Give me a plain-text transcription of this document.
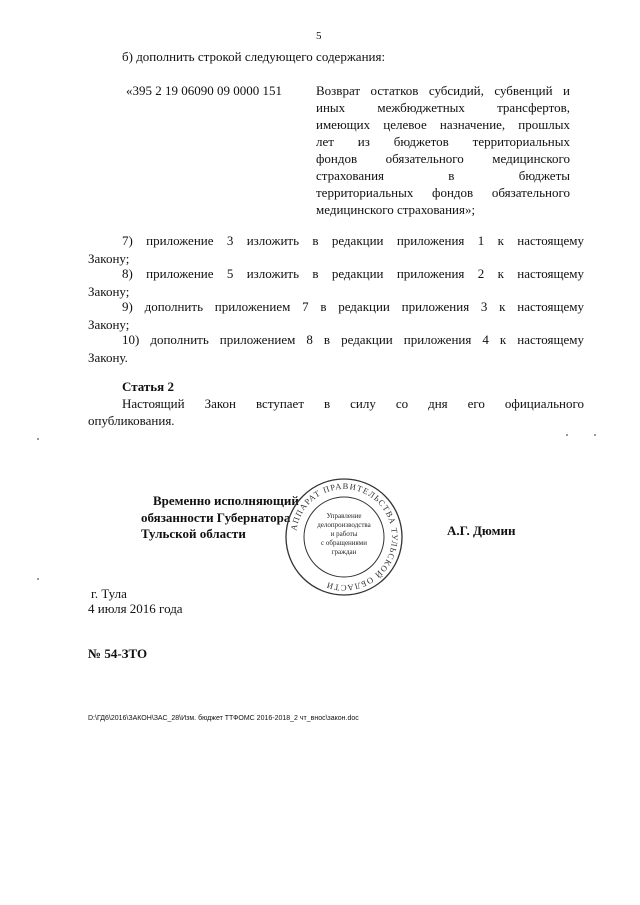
5
б) дополнить строкой следующего содержания:
«395 2 19 06090 09 0000 151	Возврат остатков субсидий, субвенций и
иных межбюджетных трансфертов,
имеющих целевое назначение, прошлых
лет из бюджетов территориальных
фондов обязательного медицинского
страхования в бюджеты
территориальных фондов обязательного
медицинского страхования»;
7) приложение 3 изложить в редакции приложения 1 к настоящему
Закону;
8) приложение 5 изложить в редакции приложения 2 к настоящему
Закону;
9) дополнить приложением 7 в редакции приложения 3 к настоящему
Закону;
10) дополнить приложением 8 в редакции приложения 4 к настоящему
Закону.
Статья 2
Настоящий Закон вступает в силу со дня его официального
опубликования.
Временно исполняющий
обязанности Губернатора
Тульской области	А.Г. Дюмин
АППАРАТ ПРАВИТЕЛЬСТВА ТУЛЬСКОЙ ОБЛАСТИ
Управление
делопроизводства
и работы
с обращениями
граждан
г. Тула
4 июля 2016 года
№ 54-ЗТО
D:\ГД6\2016\ЗАКОН\ЗАС_28\Изм. бюджет ТТФОМС 2016-2018_2 чт_внос\закон.doc
